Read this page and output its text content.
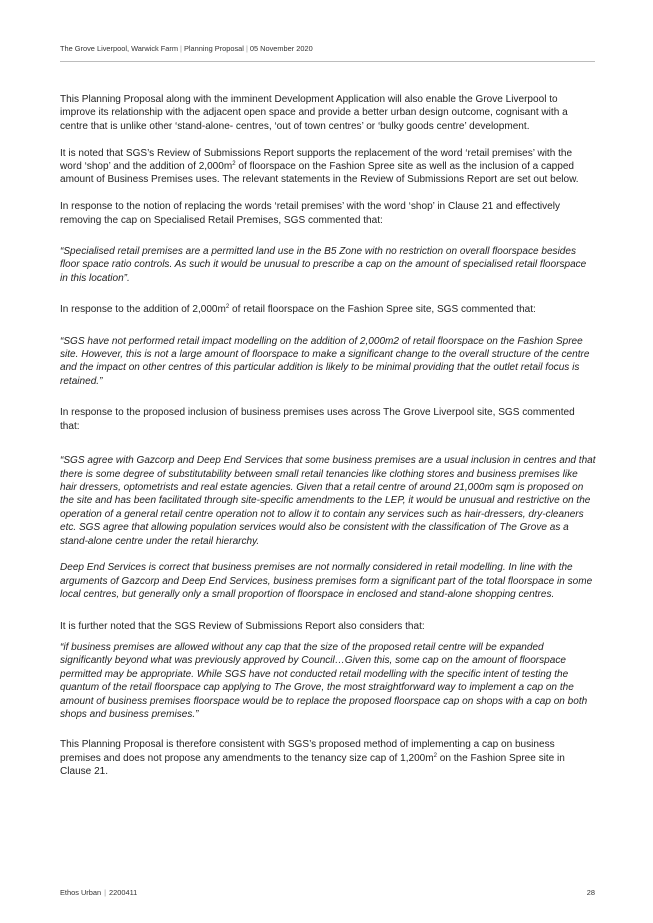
The Grove Liverpool, Warwick Farm | Planning Proposal | 05 November 2020

This Planning Proposal along with the imminent Development Application will also enable the Grove Liverpool to improve its relationship with the adjacent open space and provide a better urban design outcome, cognisant with a centre that is unlike other ‘stand-alone- centres, ‘out of town centres’ or ‘bulky goods centre’ development.

It is noted that SGS’s Review of Submissions Report supports the replacement of the word ‘retail premises’ with the word ‘shop’ and the addition of $2,000m^2$ of floorspace on the Fashion Spree site as well as the inclusion of a capped amount of Business Premises uses. The relevant statements in the Review of Submissions Report are set out below.

In response to the notion of replacing the words ‘retail premises’ with the word ‘shop’ in Clause 21 and effectively removing the cap on Specialised Retail Premises, SGS commented that:

“Specialised retail premises are a permitted land use in the B5 Zone with no restriction on overall floorspace besides floor space ratio controls. As such it would be unusual to prescribe a cap on the amount of specialised retail floorspace in this location”.

In response to the addition of $2,000m^2$ of retail floorspace on the Fashion Spree site, SGS commented that:

“SGS have not performed retail impact modelling on the addition of 2,000m2 of retail floorspace on the Fashion Spree site. However, this is not a large amount of floorspace to make a significant change to the overall structure of the centre and the impact on other centres of this particular addition is likely to be minimal providing that the outlet retail focus is retained.”

In response to the proposed inclusion of business premises uses across The Grove Liverpool site, SGS commented that:

“SGS agree with Gazcorp and Deep End Services that some business premises are a usual inclusion in centres and that there is some degree of substitutability between small retail tenancies like clothing stores and business premises like hair dressers, optometrists and real estate agencies. Given that a retail centre of around 21,000m sqm is proposed on the site and has been facilitated through site-specific amendments to the LEP, it would be unusual and restrictive on the operation of a general retail centre operation not to allow it to contain any services such as hair-dressers, dry-cleaners etc. SGS agree that allowing population services would also be consistent with the classification of The Grove as a stand-alone centre under the retail hierarchy.

Deep End Services is correct that business premises are not normally considered in retail modelling. In line with the arguments of Gazcorp and Deep End Services, business premises form a significant part of the total floorspace in some local centres, but generally only a small proportion of floorspace in enclosed and stand-alone shopping centres.

It is further noted that the SGS Review of Submissions Report also considers that:

“if business premises are allowed without any cap that the size of the proposed retail centre will be expanded significantly beyond what was previously approved by Council…Given this, some cap on the amount of floorspace permitted may be appropriate. While SGS have not conducted retail modelling with the specific intent of testing the quantum of the retail floorspace cap applying to The Grove, the most straightforward way to implement a cap on the amount of business premises floorspace would be to replace the proposed floorspace cap on shops with a cap on both shops and business premises.”

This Planning Proposal is therefore consistent with SGS’s proposed method of implementing a cap on business premises and does not propose any amendments to the tenancy size cap of $1,200m^2$ on the Fashion Spree site in Clause 21.

Ethos Urban | 2200411	28
